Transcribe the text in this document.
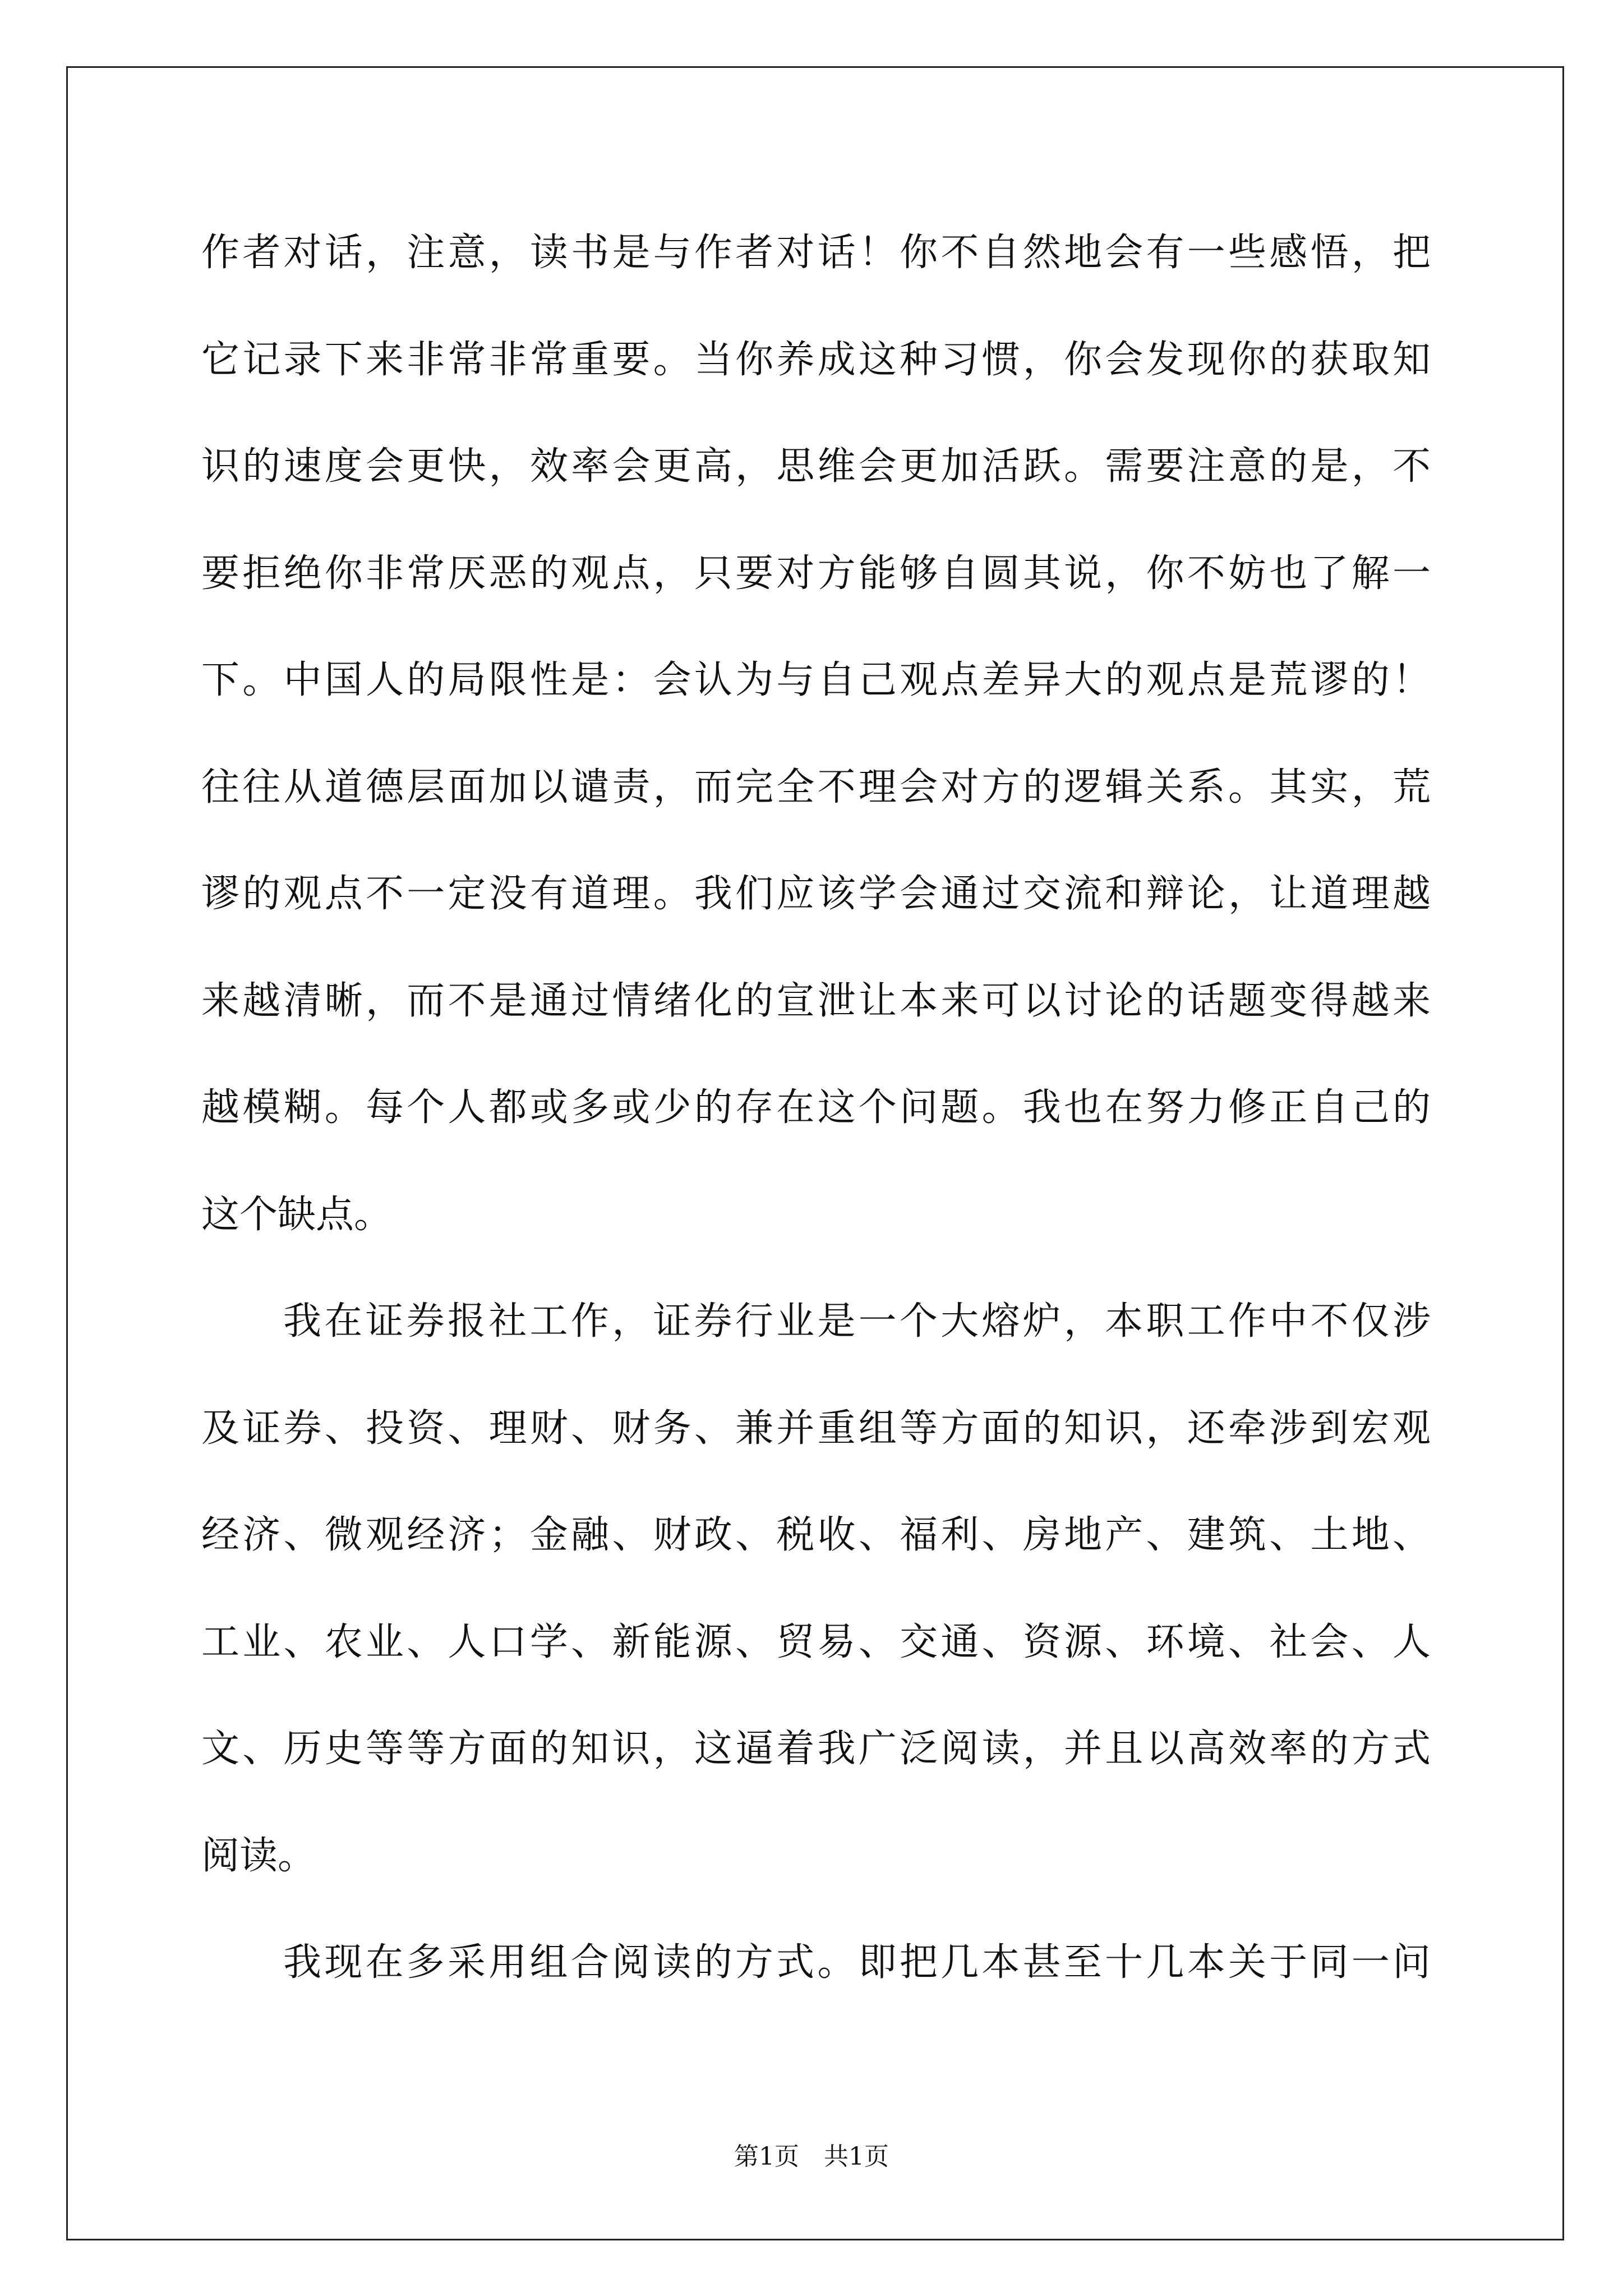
作者对话，注意，读书是与作者对话！你不自然地会有一些感悟，把
它记录下来非常非常重要。当你养成这种习惯，你会发现你的获取知
识的速度会更快，效率会更高，思维会更加活跃。需要注意的是，不
要拒绝你非常厌恶的观点，只要对方能够自圆其说，你不妨也了解一
下。中国人的局限性是：会认为与自己观点差异大的观点是荒谬的！
往往从道德层面加以谴责，而完全不理会对方的逻辑关系。其实，荒
谬的观点不一定没有道理。我们应该学会通过交流和辩论，让道理越
来越清晰，而不是通过情绪化的宣泄让本来可以讨论的话题变得越来
越模糊。每个人都或多或少的存在这个问题。我也在努力修正自己的
这个缺点。
我在证券报社工作，证券行业是一个大熔炉，本职工作中不仅涉
及证券、投资、理财、财务、兼并重组等方面的知识，还牵涉到宏观
经济、微观经济；金融、财政、税收、福利、房地产、建筑、土地、
工业、农业、人口学、新能源、贸易、交通、资源、环境、社会、人
文、历史等等方面的知识，这逼着我广泛阅读，并且以高效率的方式
阅读。
我现在多采用组合阅读的方式。即把几本甚至十几本关于同一问
第1页 共1页
